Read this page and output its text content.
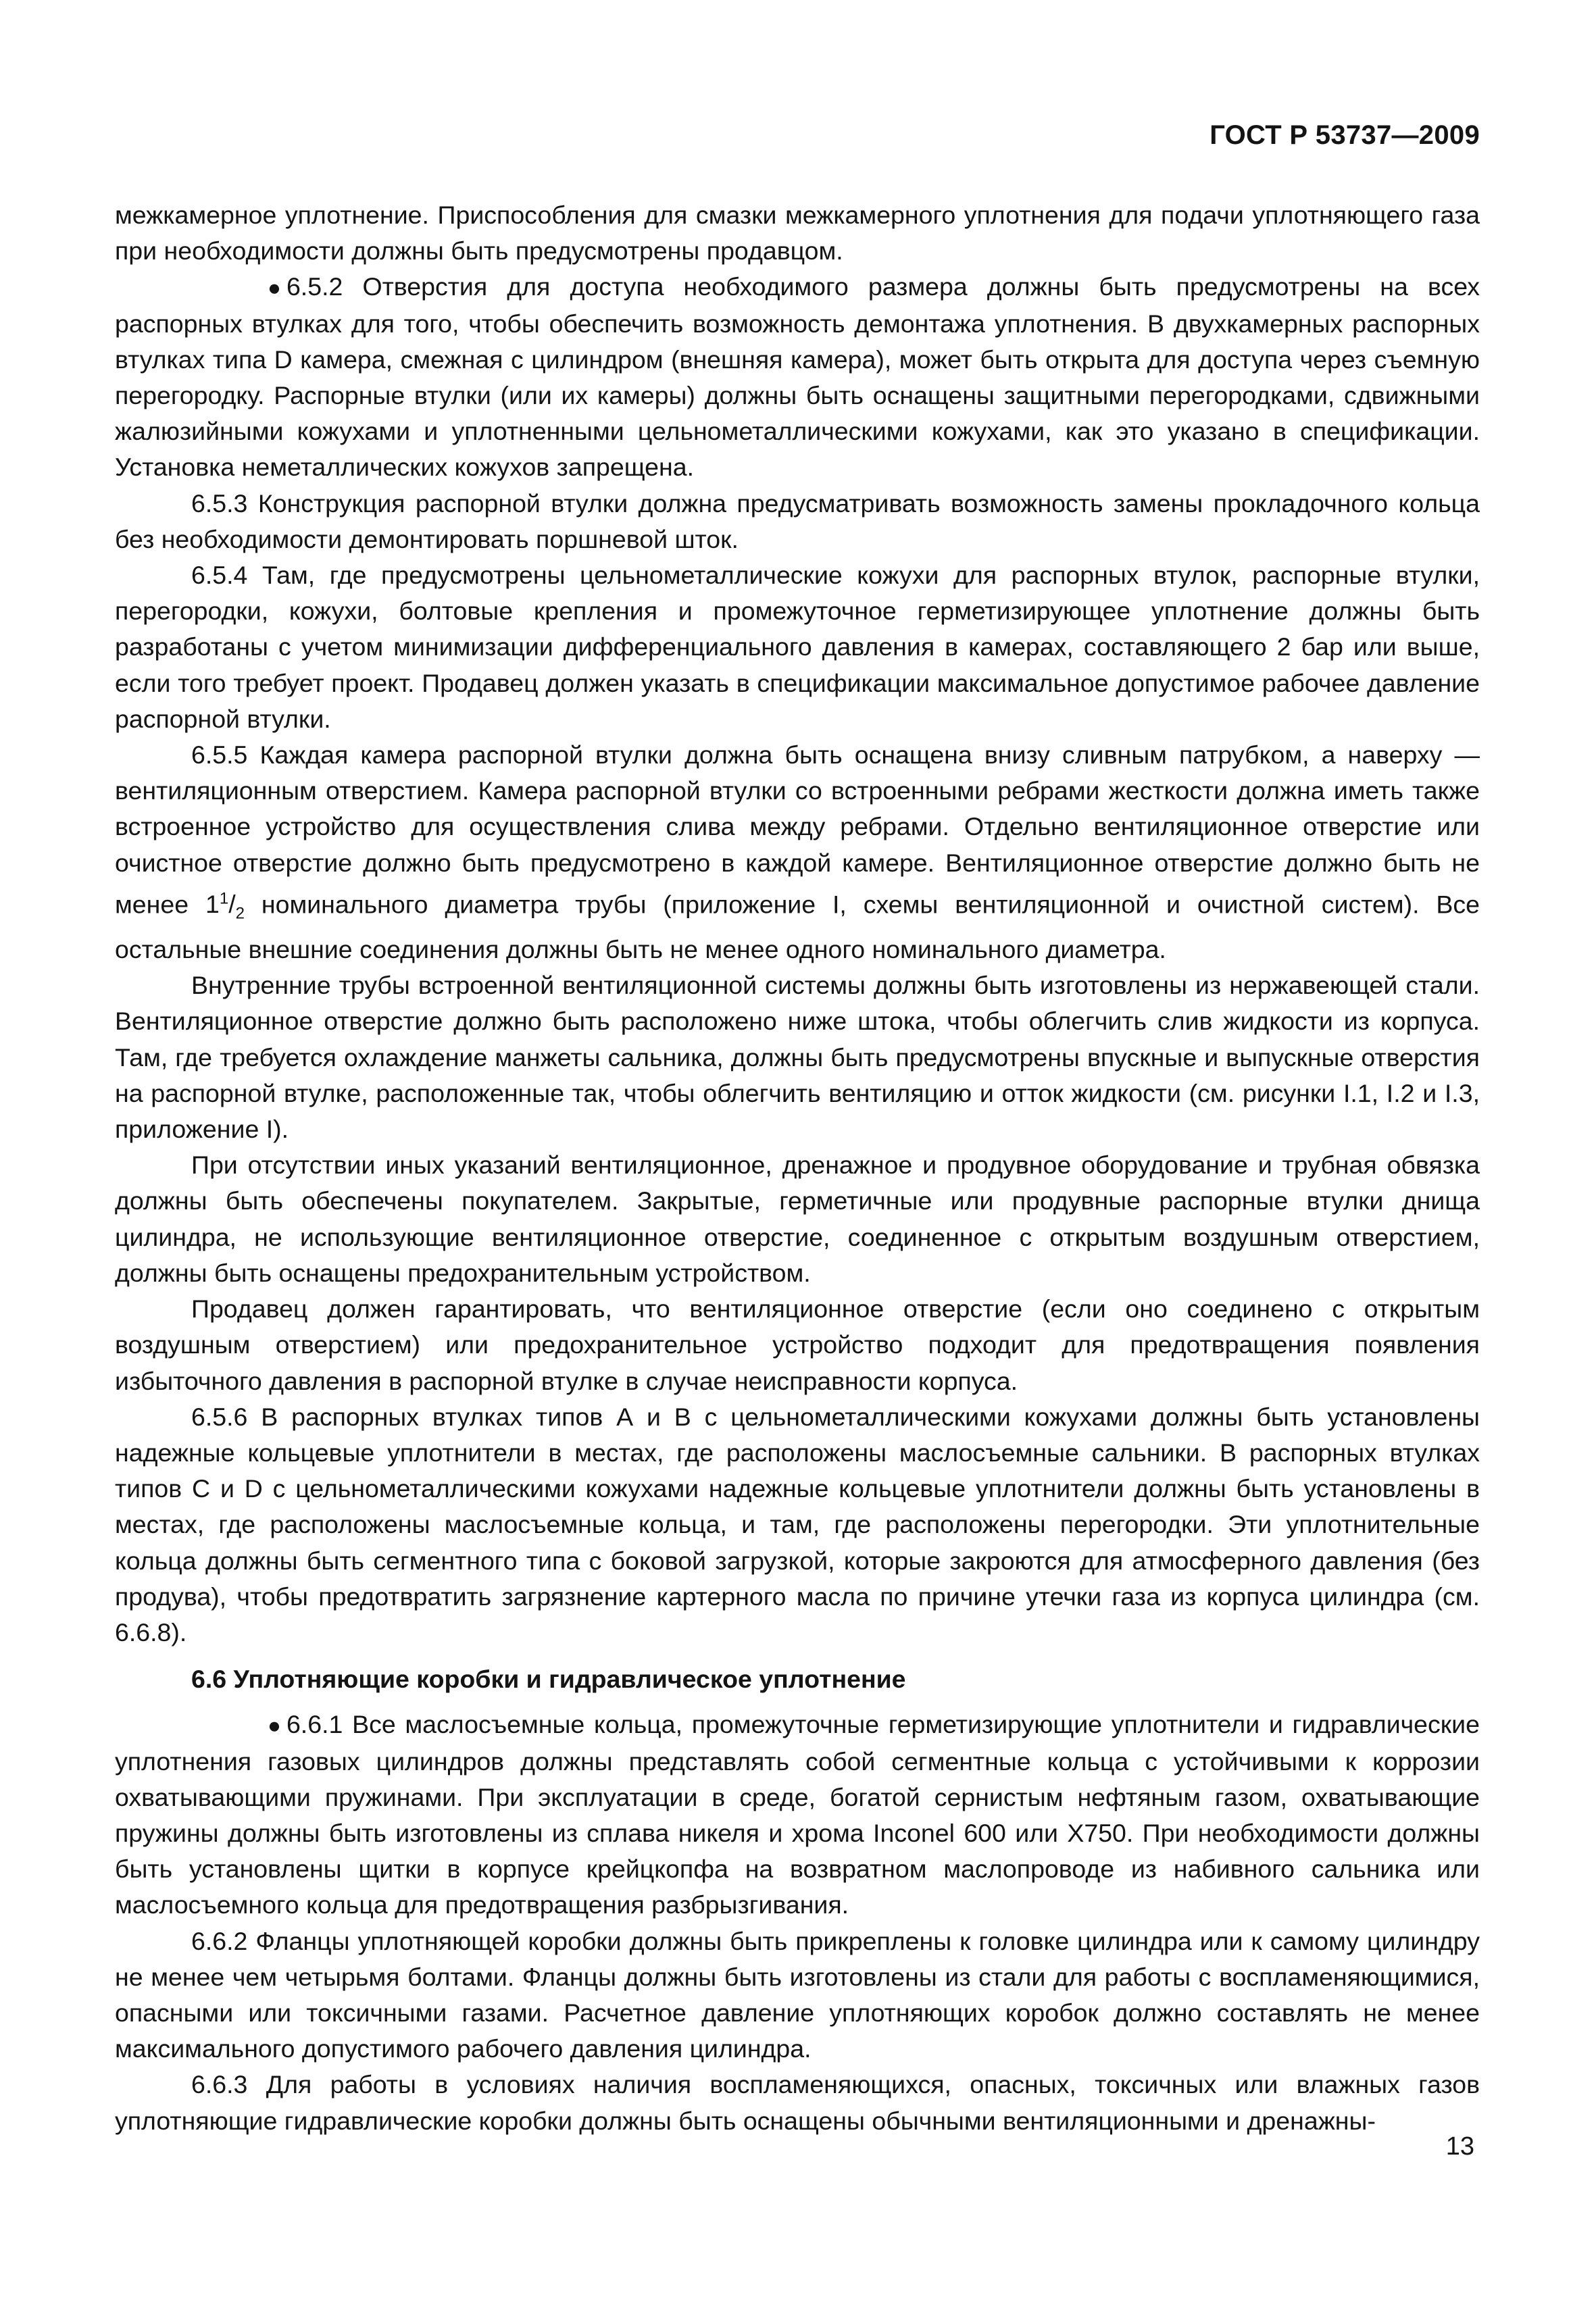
ГОСТ Р 53737—2009

межкамерное уплотнение. Приспособления для смазки межкамерного уплотнения для подачи уплотняющего газа при необходимости должны быть предусмотрены продавцом.

● 6.5.2 Отверстия для доступа необходимого размера должны быть предусмотрены на всех распорных втулках для того, чтобы обеспечить возможность демонтажа уплотнения. В двухкамерных распорных втулках типа D камера, смежная с цилиндром (внешняя камера), может быть открыта для доступа через съемную перегородку. Распорные втулки (или их камеры) должны быть оснащены защитными перегородками, сдвижными жалюзийными кожухами и уплотненными цельнометаллическими кожухами, как это указано в спецификации. Установка неметаллических кожухов запрещена.

6.5.3 Конструкция распорной втулки должна предусматривать возможность замены прокладочного кольца без необходимости демонтировать поршневой шток.

6.5.4 Там, где предусмотрены цельнометаллические кожухи для распорных втулок, распорные втулки, перегородки, кожухи, болтовые крепления и промежуточное герметизирующее уплотнение должны быть разработаны с учетом минимизации дифференциального давления в камерах, составляющего 2 бар или выше, если того требует проект. Продавец должен указать в спецификации максимальное допустимое рабочее давление распорной втулки.

6.5.5 Каждая камера распорной втулки должна быть оснащена внизу сливным патрубком, а наверху — вентиляционным отверстием. Камера распорной втулки со встроенными ребрами жесткости должна иметь также встроенное устройство для осуществления слива между ребрами. Отдельно вентиляционное отверстие или очистное отверстие должно быть предусмотрено в каждой камере. Вентиляционное отверстие должно быть не менее $1^1/_2$ номинального диаметра трубы (приложение I, схемы вентиляционной и очистной систем). Все остальные внешние соединения должны быть не менее одного номинального диаметра.

Внутренние трубы встроенной вентиляционной системы должны быть изготовлены из нержавеющей стали. Вентиляционное отверстие должно быть расположено ниже штока, чтобы облегчить слив жидкости из корпуса. Там, где требуется охлаждение манжеты сальника, должны быть предусмотрены впускные и выпускные отверстия на распорной втулке, расположенные так, чтобы облегчить вентиляцию и отток жидкости (см. рисунки I.1, I.2 и I.3, приложение I).

При отсутствии иных указаний вентиляционное, дренажное и продувное оборудование и трубная обвязка должны быть обеспечены покупателем. Закрытые, герметичные или продувные распорные втулки днища цилиндра, не использующие вентиляционное отверстие, соединенное с открытым воздушным отверстием, должны быть оснащены предохранительным устройством.

Продавец должен гарантировать, что вентиляционное отверстие (если оно соединено с открытым воздушным отверстием) или предохранительное устройство подходит для предотвращения появления избыточного давления в распорной втулке в случае неисправности корпуса.

6.5.6 В распорных втулках типов А и В с цельнометаллическими кожухами должны быть установлены надежные кольцевые уплотнители в местах, где расположены маслосъемные сальники. В распорных втулках типов С и D с цельнометаллическими кожухами надежные кольцевые уплотнители должны быть установлены в местах, где расположены маслосъемные кольца, и там, где расположены перегородки. Эти уплотнительные кольца должны быть сегментного типа с боковой загрузкой, которые закроются для атмосферного давления (без продува), чтобы предотвратить загрязнение картерного масла по причине утечки газа из корпуса цилиндра (см. 6.6.8).

6.6 Уплотняющие коробки и гидравлическое уплотнение

● 6.6.1 Все маслосъемные кольца, промежуточные герметизирующие уплотнители и гидравлические уплотнения газовых цилиндров должны представлять собой сегментные кольца с устойчивыми к коррозии охватывающими пружинами. При эксплуатации в среде, богатой сернистым нефтяным газом, охватывающие пружины должны быть изготовлены из сплава никеля и хрома Inconel 600 или Х750. При необходимости должны быть установлены щитки в корпусе крейцкопфа на возвратном маслопроводе из набивного сальника или маслосъемного кольца для предотвращения разбрызгивания.

6.6.2 Фланцы уплотняющей коробки должны быть прикреплены к головке цилиндра или к самому цилиндру не менее чем четырьмя болтами. Фланцы должны быть изготовлены из стали для работы с воспламеняющимися, опасными или токсичными газами. Расчетное давление уплотняющих коробок должно составлять не менее максимального допустимого рабочего давления цилиндра.

6.6.3 Для работы в условиях наличия воспламеняющихся, опасных, токсичных или влажных газов уплотняющие гидравлические коробки должны быть оснащены обычными вентиляционными и дренажны-

13
